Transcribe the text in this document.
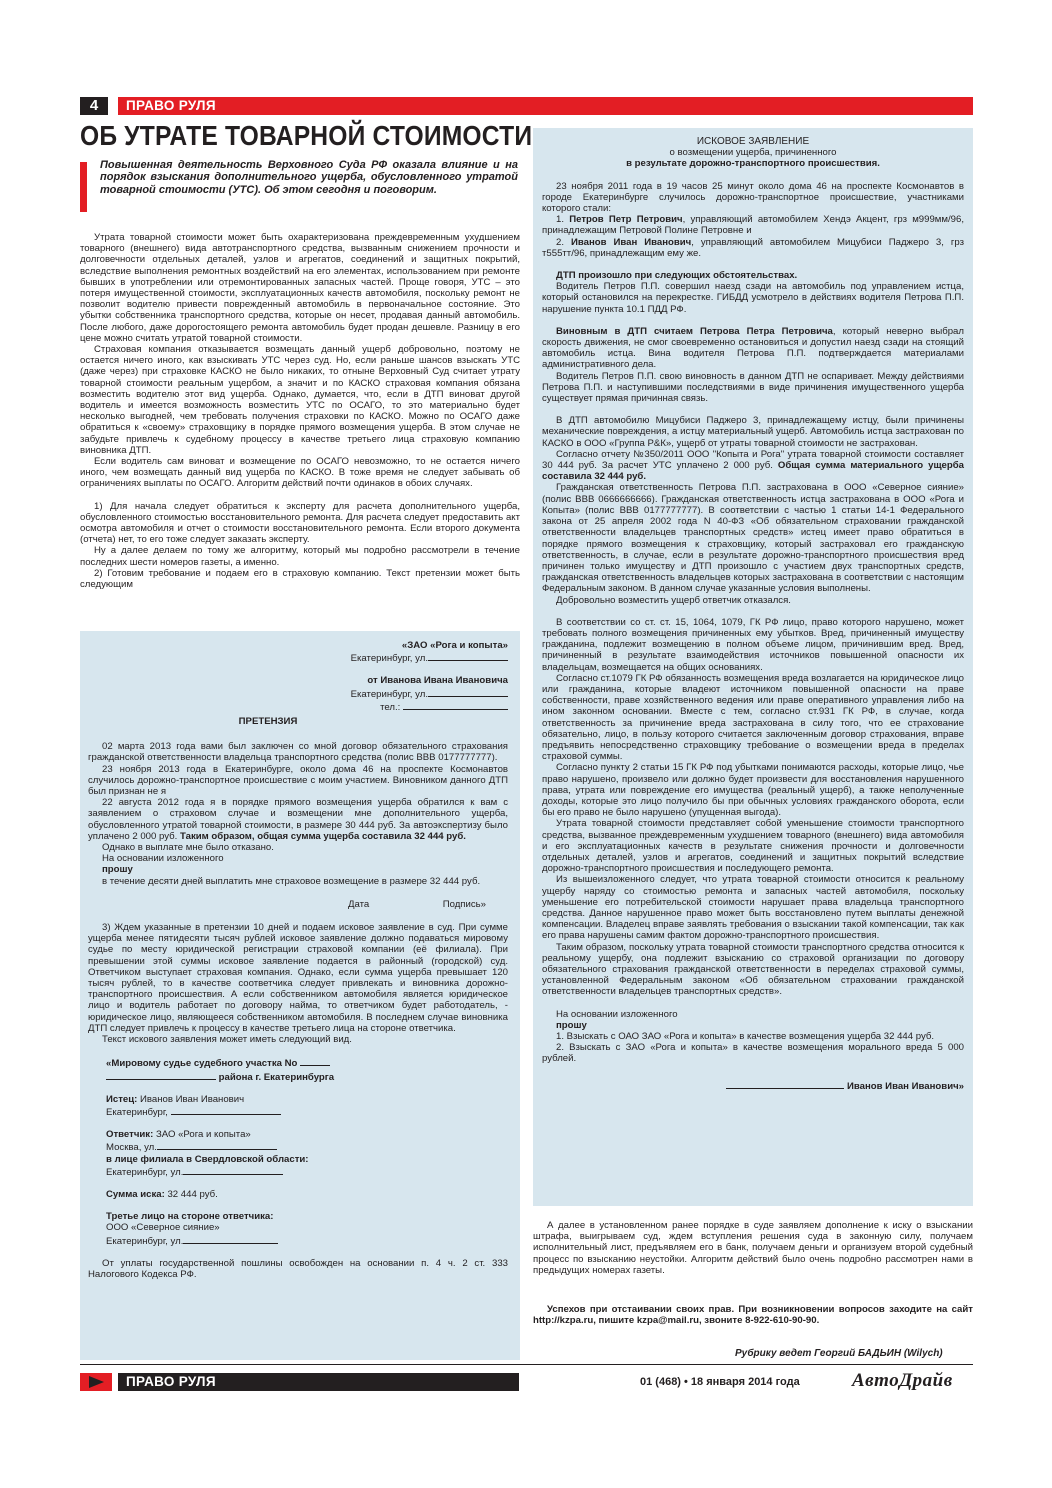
4	ПРАВО РУЛЯ
ОБ УТРАТЕ ТОВАРНОЙ СТОИМОСТИ
Повышенная деятельность Верховного Суда РФ оказала влияние и на порядок взыскания дополнительного ущерба, обусловленного утратой товарной стоимости (УТС). Об этом сегодня и поговорим.

Утрата товарной стоимости может быть охарактеризована преждевременным ухудшением товарного (внешнего) вида автотранспортного средства, вызванным снижением прочности и долговечности отдельных деталей, узлов и агрегатов, соединений и защитных покрытий, вследствие выполнения ремонтных воздействий на его элементах, использованием при ремонте бывших в употреблении или отремонтированных запасных частей. Проще говоря, УТС – это потеря имущественной стоимости, эксплуатационных качеств автомобиля, поскольку ремонт не позволит водителю привести поврежденный автомобиль в первоначальное состояние. Это убытки собственника транспортного средства, которые он несет, продавая данный автомобиль. После любого, даже дорогостоящего ремонта автомобиль будет продан дешевле. Разницу в его цене можно считать утратой товарной стоимости.

Страховая компания отказывается возмещать данный ущерб добровольно, поэтому не остается ничего иного, как взыскивать УТС через суд. Но, если раньше шансов взыскать УТС (даже через) при страховке КАСКО не было никаких, то отныне Верховный Суд считает утрату товарной стоимости реальным ущербом, а значит и по КАСКО страховая компания обязана возместить водителю этот вид ущерба. Однако, думается, что, если в ДТП виноват другой водитель и имеется возможность возместить УТС по ОСАГО, то это материально будет несколько выгодней, чем требовать получения страховки по КАСКО. Можно по ОСАГО даже обратиться к «своему» страховщику в порядке прямого возмещения ущерба. В этом случае не забудьте привлечь к судебному процессу в качестве третьего лица страховую компанию виновника ДТП.

Если водитель сам виноват и возмещение по ОСАГО невозможно, то не остается ничего иного, чем возмещать данный вид ущерба по КАСКО. В тоже время не следует забывать об ограничениях выплаты по ОСАГО. Алгоритм действий почти одинаков в обоих случаях.

1) Для начала следует обратиться к эксперту для расчета дополнительного ущерба, обусловленного стоимостью восстановительного ремонта. Для расчета следует предоставить акт осмотра автомобиля и отчет о стоимости восстановительного ремонта. Если второго документа (отчета) нет, то его тоже следует заказать эксперту.

Ну а далее делаем по тому же алгоритму, который мы подробно рассмотрели в течение последних шести номеров газеты, а именно.

2) Готовим требование и подаем его в страховую компанию. Текст претензии может быть следующим

«ЗАО «Рога и копыта»
Екатеринбург, ул.
от Иванова Ивана Ивановича
Екатеринбург, ул.
тел.:
ПРЕТЕНЗИЯ

02 марта 2013 года вами был заключен со мной договор обязательного страхования гражданской ответственности владельца транспортного средства (полис ВВВ 0177777777).

23 ноября 2013 года в Екатеринбурге, около дома 46 на проспекте Космонавтов случилось дорожно-транспортное происшествие с моим участием. Виновником данного ДТП был признан не я

22 августа 2012 года я в порядке прямого возмещения ущерба обратился к вам с заявлением о страховом случае и возмещении мне дополнительного ущерба, обусловленного утратой товарной стоимости, в размере 30 444 руб. За автоэкспертизу было уплачено 2 000 руб. Таким образом, общая сумма ущерба составила 32 444 руб.

Однако в выплате мне было отказано.

На основании изложенного

прошу

в течение десяти дней выплатить мне страховое возмещение в размере 32 444 руб.

Дата	Подпись»

3) Ждем указанные в претензии 10 дней и подаем исковое заявление в суд. При сумме ущерба менее пятидесяти тысяч рублей исковое заявление должно подаваться мировому судье по месту юридической регистрации страховой компании (её филиала). При превышении этой суммы исковое заявление подается в районный (городской) суд. Ответчиком выступает страховая компания. Однако, если сумма ущерба превышает 120 тысяч рублей, то в качестве соответчика следует привлекать и виновника дорожно-транспортного происшествия. А если собственником автомобиля является юридическое лицо и водитель работает по договору найма, то ответчиком будет работодатель, - юридическое лицо, являющееся собственником автомобиля. В последнем случае виновника ДТП следует привлечь к процессу в качестве третьего лица на стороне ответчика.

Текст искового заявления может иметь следующий вид.

«Мировому судье судебного участка No
района г. Екатеринбурга
Истец: Иванов Иван Иванович
Екатеринбург,
Ответчик: ЗАО «Рога и копыта»
Москва, ул.
в лице филиала в Свердловской области:
Екатеринбург, ул.
Сумма иска: 32 444 руб.
Третье лицо на стороне ответчика:
ООО «Северное сияние»
Екатеринбург, ул.

От уплаты государственной пошлины освобожден на основании п. 4 ч. 2 ст. 333 Налогового Кодекса РФ.

ИСКОВОЕ ЗАЯВЛЕНИЕ
о возмещении ущерба, причиненного
в результате дорожно-транспортного происшествия.

23 ноября 2011 года в 19 часов 25 минут около дома 46 на проспекте Космонавтов в городе Екатеринбурге случилось дорожно-транспортное происшествие, участниками которого стали:

1. Петров Петр Петрович, управляющий автомобилем Хендэ Акцент, грз м999мм/96, принадлежащим Петровой Полине Петровне и

2. Иванов Иван Иванович, управляющий автомобилем Мицубиси Паджеро 3, грз т555тт/96, принадлежащим ему же.

ДТП произошло при следующих обстоятельствах.

Водитель Петров П.П. совершил наезд сзади на автомобиль под управлением истца, который остановился на перекрестке. ГИБДД усмотрело в действиях водителя Петрова П.П. нарушение пункта 10.1 ПДД РФ.

Виновным в ДТП считаем Петрова Петра Петровича, который неверно выбрал скорость движения, не смог своевременно остановиться и допустил наезд сзади на стоящий автомобиль истца. Вина водителя Петрова П.П. подтверждается материалами административного дела.

Водитель Петров П.П. свою виновность в данном ДТП не оспаривает. Между действиями Петрова П.П. и наступившими последствиями в виде причинения имущественного ущерба существует прямая причинная связь.

В ДТП автомобилю Мицубиси Паджеро 3, принадлежащему истцу, были причинены механические повреждения, а истцу материальный ущерб. Автомобиль истца застрахован по КАСКО в ООО «Группа Р&К», ущерб от утраты товарной стоимости не застрахован.

Согласно отчету №350/2011 ООО "Копыта и Рога" утрата товарной стоимости составляет 30 444 руб. За расчет УТС уплачено 2 000 руб. Общая сумма материального ущерба составила 32 444 руб.

Гражданская ответственность Петрова П.П. застрахована в ООО «Северное сияние» (полис ВВВ 0666666666). Гражданская ответственность истца застрахована в ООО «Рога и Копыта» (полис ВВВ 0177777777). В соответствии с частью 1 статьи 14-1 Федерального закона от 25 апреля 2002 года N 40-ФЗ «Об обязательном страховании гражданской ответственности владельцев транспортных средств» истец имеет право обратиться в порядке прямого возмещения к страховщику, который застраховал его гражданскую ответственность, в случае, если в результате дорожно-транспортного происшествия вред причинен только имуществу и ДТП произошло с участием двух транспортных средств, гражданская ответственность владельцев которых застрахована в соответствии с настоящим Федеральным законом. В данном случае указанные условия выполнены.

Добровольно возместить ущерб ответчик отказался.

В соответствии со ст. ст. 15, 1064, 1079, ГК РФ лицо, право которого нарушено, может требовать полного возмещения причиненных ему убытков. Вред, причиненный имуществу гражданина, подлежит возмещению в полном объеме лицом, причинившим вред. Вред, причиненный в результате взаимодействия источников повышенной опасности их владельцам, возмещается на общих основаниях.

Согласно ст.1079 ГК РФ обязанность возмещения вреда возлагается на юридическое лицо или гражданина, которые владеют источником повышенной опасности на праве собственности, праве хозяйственного ведения или праве оперативного управления либо на ином законном основании. Вместе с тем, согласно ст.931 ГК РФ, в случае, когда ответственность за причинение вреда застрахована в силу того, что ее страхование обязательно, лицо, в пользу которого считается заключенным договор страхования, вправе предъявить непосредственно страховщику требование о возмещении вреда в пределах страховой суммы.

Согласно пункту 2 статьи 15 ГК РФ под убытками понимаются расходы, которые лицо, чье право нарушено, произвело или должно будет произвести для восстановления нарушенного права, утрата или повреждение его имущества (реальный ущерб), а также неполученные доходы, которые это лицо получило бы при обычных условиях гражданского оборота, если бы его право не было нарушено (упущенная выгода).

Утрата товарной стоимости представляет собой уменьшение стоимости транспортного средства, вызванное преждевременным ухудшением товарного (внешнего) вида автомобиля и его эксплуатационных качеств в результате снижения прочности и долговечности отдельных деталей, узлов и агрегатов, соединений и защитных покрытий вследствие дорожно-транспортного происшествия и последующего ремонта.

Из вышеизложенного следует, что утрата товарной стоимости относится к реальному ущербу наряду со стоимостью ремонта и запасных частей автомобиля, поскольку уменьшение его потребительской стоимости нарушает права владельца транспортного средства. Данное нарушенное право может быть восстановлено путем выплаты денежной компенсации. Владелец вправе заявлять требования о взыскании такой компенсации, так как его права нарушены самим фактом дорожно-транспортного происшествия.

Таким образом, поскольку утрата товарной стоимости транспортного средства относится к реальному ущербу, она подлежит взысканию со страховой организации по договору обязательного страхования гражданской ответственности в переделах страховой суммы, установленной Федеральным законом «Об обязательном страховании гражданской ответственности владельцев транспортных средств».

На основании изложенного

прошу

1. Взыскать с ОАО ЗАО «Рога и копыта» в качестве возмещения ущерба 32 444 руб.

2. Взыскать с ЗАО «Рога и копыта» в качестве возмещения морального вреда 5 000 рублей.

Иванов Иван Иванович»

А далее в установленном ранее порядке в суде заявляем дополнение к иску о взыскании штрафа, выигрываем суд, ждем вступления решения суда в законную силу, получаем исполнительный лист, предъявляем его в банк, получаем деньги и организуем второй судебный процесс по взысканию неустойки. Алгоритм действий было очень подробно рассмотрен нами в предыдущих номерах газеты.

Успехов при отстаивании своих прав. При возникновении вопросов заходите на сайт http://kzpa.ru, пишите kzpa@mail.ru, звоните 8-922-610-90-90.

Рубрику ведет Георгий БАДЬИН (Wilych)
ПРАВО РУЛЯ	01 (468) • 18 января 2014 года	АвтоДрайв
